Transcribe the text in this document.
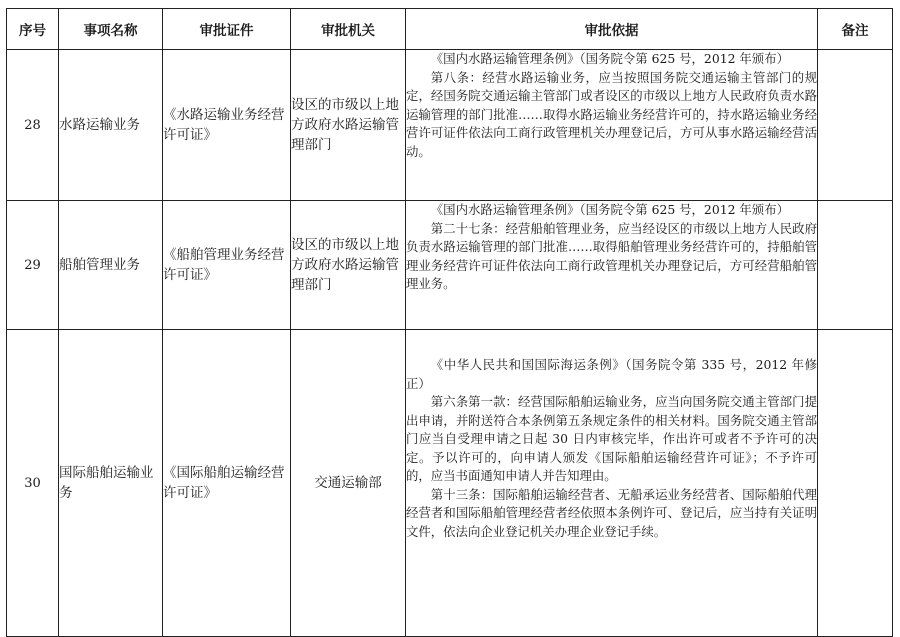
序号	事项名称	审批证件	审批机关	审批依据	备注
28	水路运输业务	《水路运输业务经营许可证》	设区的市级以上地方政府水路运输管理部门	《国内水路运输管理条例》（国务院令第 625 号，2012 年颁布）

第八条：经营水路运输业务，应当按照国务院交通运输主管部门的规定，经国务院交通运输主管部门或者设区的市级以上地方人民政府负责水路运输管理的部门批准……取得水路运输业务经营许可的，持水路运输业务经营许可证件依法向工商行政管理机关办理登记后，方可从事水路运输经营活动。	

29	船舶管理业务	《船舶管理业务经营许可证》	设区的市级以上地方政府水路运输管理部门	《国内水路运输管理条例》（国务院令第 625 号，2012 年颁布）

第二十七条：经营船舶管理业务，应当经设区的市级以上地方人民政府负责水路运输管理的部门批准……取得船舶管理业务经营许可的，持船舶管理业务经营许可证件依法向工商行政管理机关办理登记后，方可经营船舶管理业务。	

30	国际船舶运输业务	《国际船舶运输经营许可证》	交通运输部	《中华人民共和国国际海运条例》（国务院令第 335 号，2012 年修正）

第六条第一款：经营国际船舶运输业务，应当向国务院交通主管部门提出申请，并附送符合本条例第五条规定条件的相关材料。国务院交通主管部门应当自受理申请之日起 30 日内审核完毕，作出许可或者不予许可的决定。予以许可的，向申请人颁发《国际船舶运输经营许可证》；不予许可的，应当书面通知申请人并告知理由。

第十三条：国际船舶运输经营者、无船承运业务经营者、国际船舶代理经营者和国际船舶管理经营者经依照本条例许可、登记后，应当持有关证明文件，依法向企业登记机关办理企业登记手续。	
